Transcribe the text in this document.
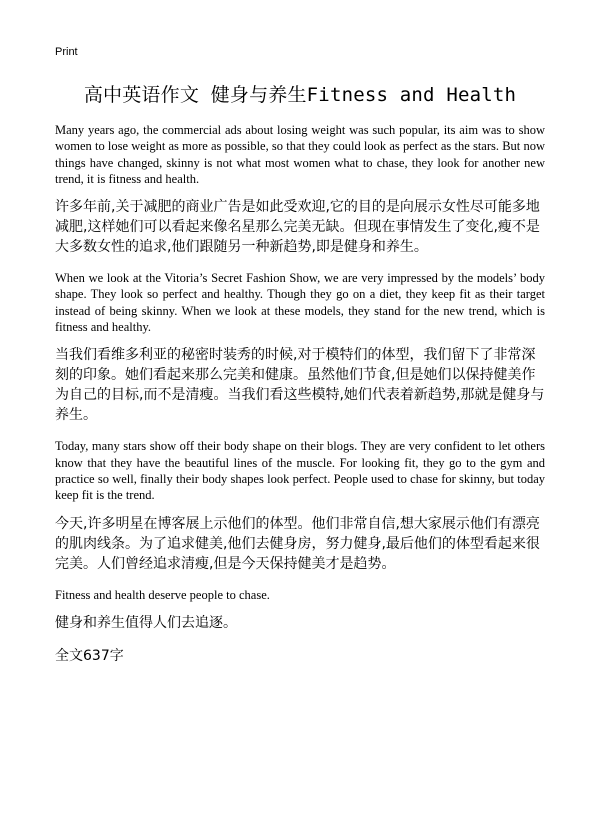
Print
高中英语作文 健身与养生Fitness and Health

Many years ago, the commercial ads about losing weight was such popular, its aim was to show women to lose weight as more as possible, so that they could look as perfect as the stars. But now things have changed, skinny is not what most women what to chase, they look for another new trend, it is fitness and health.

许多年前,关于减肥的商业广告是如此受欢迎,它的目的是向展示女性尽可能多地减肥,这样她们可以看起来像名星那么完美无缺。但现在事情发生了变化,瘦不是大多数女性的追求,他们跟随另一种新趋势,即是健身和养生。

When we look at the Vitoria’s Secret Fashion Show, we are very impressed by the models’ body shape. They look so perfect and healthy. Though they go on a diet, they keep fit as their target instead of being skinny. When we look at these models, they stand for the new trend, which is fitness and healthy.

当我们看维多利亚的秘密时装秀的时候,对于模特们的体型，我们留下了非常深刻的印象。她们看起来那么完美和健康。虽然他们节食,但是她们以保持健美作为自己的目标,而不是清瘦。当我们看这些模特,她们代表着新趋势,那就是健身与养生。

Today, many stars show off their body shape on their blogs. They are very confident to let others know that they have the beautiful lines of the muscle. For looking fit, they go to the gym and practice so well, finally their body shapes look perfect. People used to chase for skinny, but today keep fit is the trend.

今天,许多明星在博客展上示他们的体型。他们非常自信,想大家展示他们有漂亮的肌肉线条。为了追求健美,他们去健身房，努力健身,最后他们的体型看起来很完美。人们曾经追求清瘦,但是今天保持健美才是趋势。

Fitness and health deserve people to chase.

健身和养生值得人们去追逐。

全文637字
